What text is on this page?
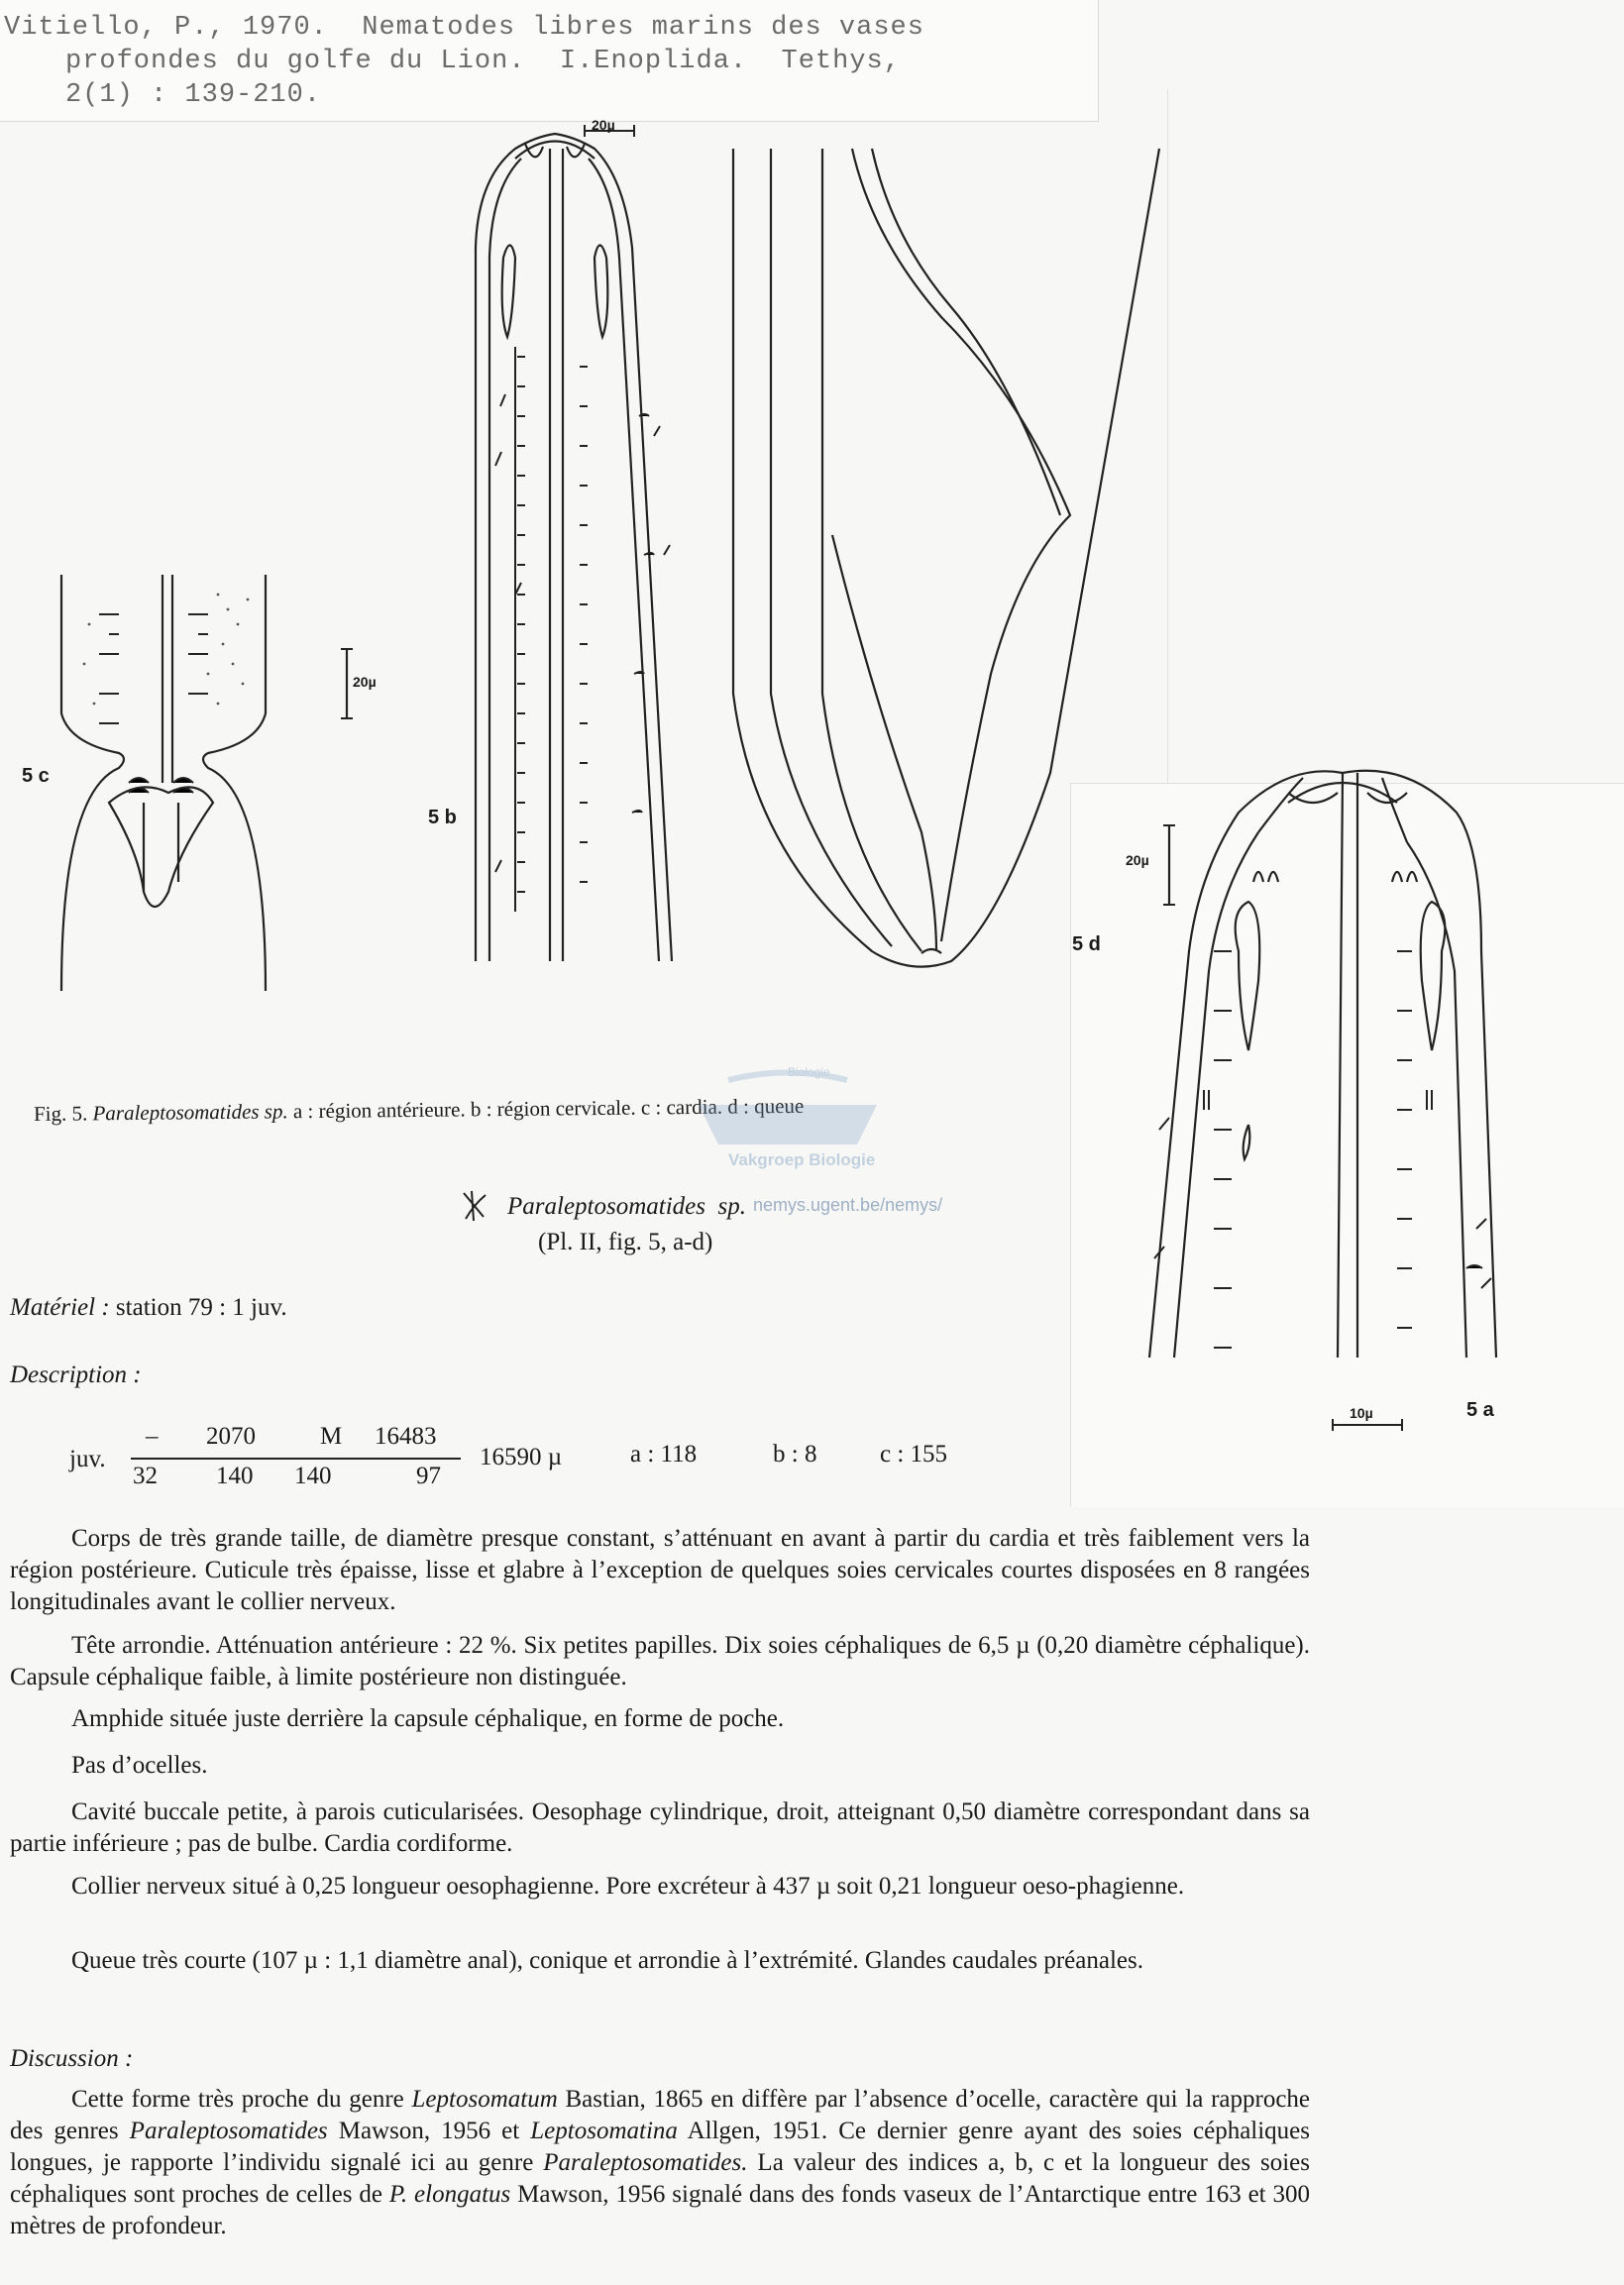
Vitiello, P., 1970.  Nematodes libres marins des vases
profondes du golfe du Lion.  I.Enoplida.  Tethys,
2(1) : 139-210.
20µ
5 b
20µ
5 c
20µ
5 d
10µ	5 a
Fig. 5. Paraleptosomatides sp. a : région antérieure. b : région cervicale. c : cardia. d : queue
Biologie
Vakgroep Biologie
nemys.ugent.be/nemys/
Paraleptosomatides  sp.
(Pl. II, fig. 5, a-d)
Matériel : station 79 : 1 juv.
Description :
juv.
– 2070	M 16483
32 140 140	97
16590 µ	a : 118	b : 8	c : 155
Corps de très grande taille, de diamètre presque constant, s’atténuant en avant à partir du cardia et très faiblement vers la région postérieure. Cuticule très épaisse, lisse et glabre à l’exception de quelques soies cervicales courtes disposées en 8 rangées longitudinales avant le collier nerveux.
Tête arrondie. Atténuation antérieure : 22 %. Six petites papilles. Dix soies céphaliques de 6,5 µ (0,20 diamètre céphalique). Capsule céphalique faible, à limite postérieure non distinguée.
Amphide située juste derrière la capsule céphalique, en forme de poche.
Pas d’ocelles.
Cavité buccale petite, à parois cuticularisées. Oesophage cylindrique, droit, atteignant 0,50 diamètre correspondant dans sa partie inférieure ; pas de bulbe. Cardia cordiforme.
Collier nerveux situé à 0,25 longueur oesophagienne. Pore excréteur à 437 µ soit 0,21 longueur oeso-phagienne.
Queue très courte (107 µ : 1,1 diamètre anal), conique et arrondie à l’extrémité. Glandes caudales préanales.
Discussion :
Cette forme très proche du genre Leptosomatum Bastian, 1865 en diffère par l’absence d’ocelle, caractère qui la rapproche des genres Paraleptosomatides Mawson, 1956 et Leptosomatina Allgen, 1951. Ce dernier genre ayant des soies céphaliques longues, je rapporte l’individu signalé ici au genre Paraleptosomatides. La valeur des indices a, b, c et la longueur des soies céphaliques sont proches de celles de P. elongatus Mawson, 1956 signalé dans des fonds vaseux de l’Antarctique entre 163 et 300 mètres de profondeur.
